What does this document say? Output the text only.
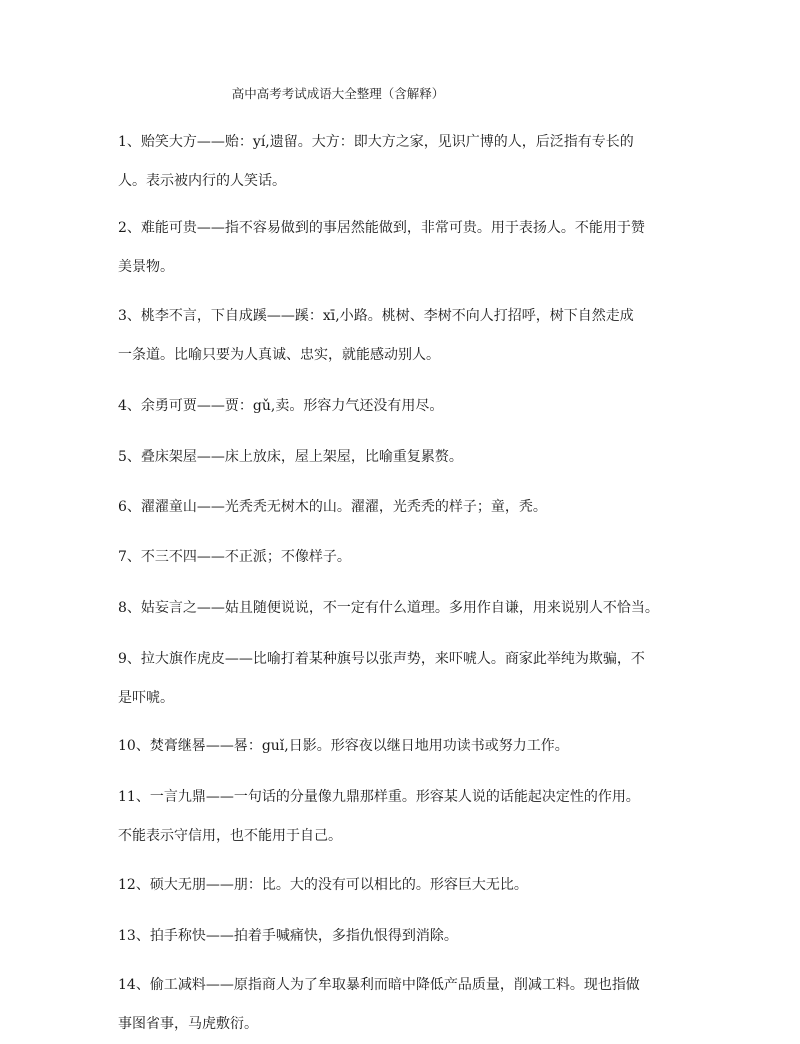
高中高考考试成语大全整理（含解释）
1、贻笑大方——贻：yí,遗留。大方：即大方之家，见识广博的人，后泛指有专长的
人。表示被内行的人笑话。
2、难能可贵——指不容易做到的事居然能做到，非常可贵。用于表扬人。不能用于赞
美景物。
3、桃李不言，下自成蹊——蹊：xī,小路。桃树、李树不向人打招呼，树下自然走成
一条道。比喻只要为人真诚、忠实，就能感动别人。
4、余勇可贾——贾：gǔ,卖。形容力气还没有用尽。
5、叠床架屋——床上放床，屋上架屋，比喻重复累赘。
6、濯濯童山——光秃秃无树木的山。濯濯，光秃秃的样子；童，秃。
7、不三不四——不正派；不像样子。
8、姑妄言之——姑且随便说说，不一定有什么道理。多用作自谦，用来说别人不恰当。
9、拉大旗作虎皮——比喻打着某种旗号以张声势，来吓唬人。商家此举纯为欺骗，不
是吓唬。
10、焚膏继晷——晷：guǐ,日影。形容夜以继日地用功读书或努力工作。
11、一言九鼎——一句话的分量像九鼎那样重。形容某人说的话能起决定性的作用。
不能表示守信用，也不能用于自己。
12、硕大无朋——朋：比。大的没有可以相比的。形容巨大无比。
13、拍手称快——拍着手喊痛快，多指仇恨得到消除。
14、偷工减料——原指商人为了牟取暴利而暗中降低产品质量，削减工料。现也指做
事图省事，马虎敷衍。
